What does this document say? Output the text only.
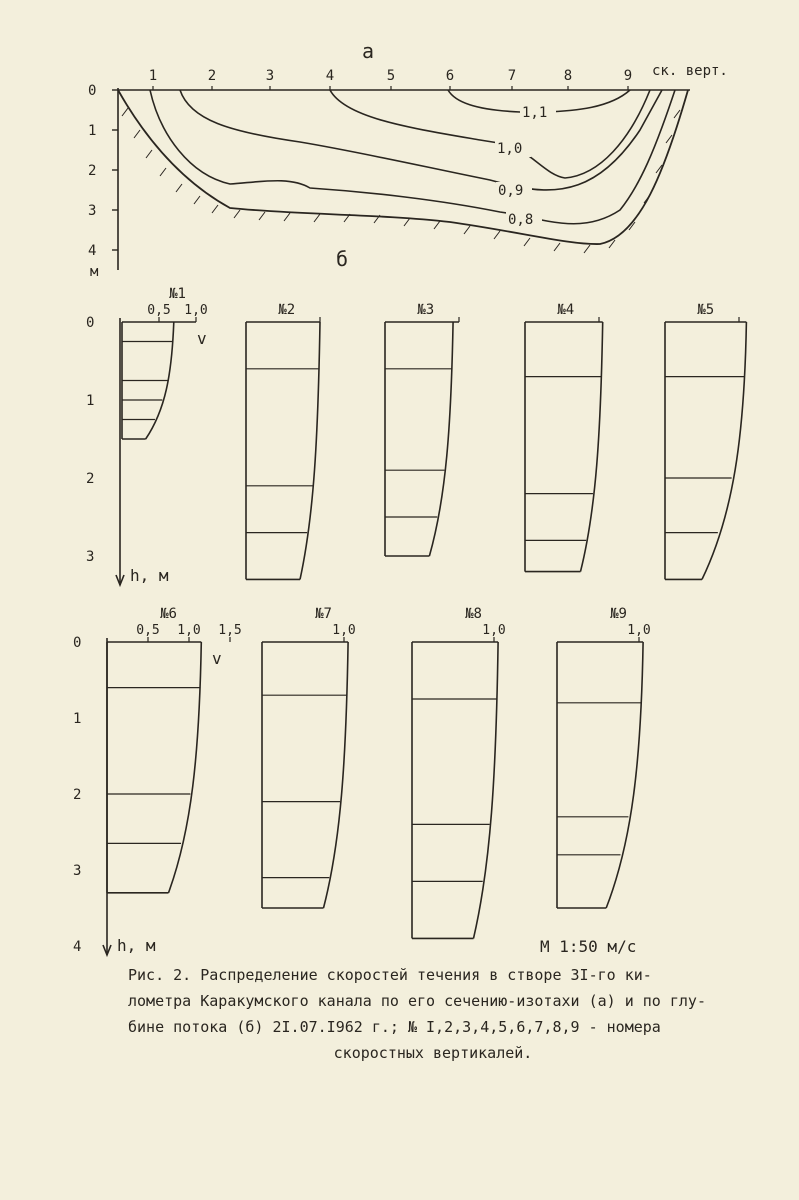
а
б
0
1
2
3
4
1	2	3	4	5	6	7	8	9 ск. верт.
м
1,1
1,0
0,9
0,8
0
1
2
3
h, м
0,5 1,0
№1
№2	№3	№4	№5
v
0
1
2
3
4 h, м
0,5 1,0 1,5
№6
1,0
№7
1,0
№8
1,0
№9
v
М 1:50 м/с
Рис. 2. Распределение скоростей течения в створе 3I-го ки-
лометра Каракумского канала по его сечению-изотахи (а) и по глу-
бине потока (б) 2I.07.I962 г.; № I,2,3,4,5,6,7,8,9 - номера
скоростных вертикалей.
